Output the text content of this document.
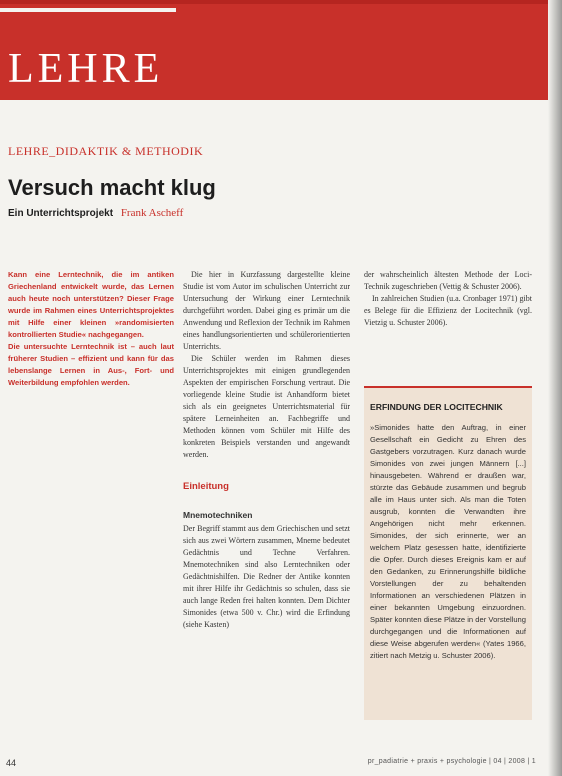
LEHRE
LEHRE_DIDAKTIK & METHODIK
Versuch macht klug
Ein Unterrichtsprojekt Frank Ascheff

Kann eine Lerntechnik, die im antiken Griechenland entwickelt wurde, das Lernen auch heute noch unterstützen? Dieser Frage wurde im Rahmen eines Unterrichtsprojektes mit Hilfe einer kleinen »randomisierten kontrollierten Studie« nachgegangen.

Die untersuchte Lerntechnik ist – auch laut früherer Studien – effizient und kann für das lebenslange Lernen in Aus-, Fort- und Weiterbildung empfohlen werden.

Die hier in Kurzfassung dargestellte kleine Studie ist vom Autor im schulischen Unterricht zur Untersuchung der Wirkung einer Lerntechnik durchgeführt worden. Dabei ging es primär um die Anwendung und Reflexion der Technik im Rahmen eines handlungsorientierten und schülerorientierten Unterrichts.

Die Schüler werden im Rahmen dieses Unterrichtsprojektes mit einigen grundlegenden Aspekten der empirischen Forschung vertraut. Die vorliegende kleine Studie ist Anhandform bietet sich als ein geeignetes Unterrichtsmaterial für spätere Lerneinheiten an. Fachbegriffe und Methoden können vom Schüler mit Hilfe des konkreten Beispiels verstanden und angewandt werden.

Einleitung
Mnemotechniken

Der Begriff stammt aus dem Griechischen und setzt sich aus zwei Wörtern zusammen, Mneme bedeutet Gedächtnis und Techne Verfahren. Mnemotechniken sind also Lerntechniken oder Gedächtnishilfen. Die Redner der Antike konnten mit ihrer Hilfe ihr Gedächtnis so schulen, dass sie auch lange Reden frei halten konnten. Dem Dichter Simonides (etwa 500 v. Chr.) wird die Erfindung (siehe Kasten)

der wahrscheinlich ältesten Methode der Loci-Technik zugeschrieben (Vettig & Schuster 2006).

In zahlreichen Studien (u.a. Cronbager 1971) gibt es Belege für die Effizienz der Locitechnik (vgl. Vietzig u. Schuster 2006).

ERFINDUNG DER LOCITECHNIK
»Simonides hatte den Auftrag, in einer Gesellschaft ein Gedicht zu Ehren des Gastgebers vorzutragen. Kurz danach wurde Simonides von zwei jungen Männern [...] hinausgebeten. Während er draußen war, stürzte das Gebäude zusammen und begrub alle im Haus unter sich. Als man die Toten ausgrub, konnten die Verwandten ihre Angehörigen nicht mehr erkennen. Simonides, der sich erinnerte, wer an welchem Platz gesessen hatte, identifizierte die Opfer. Durch dieses Ereignis kam er auf den Gedanken, zu Erinnerungshilfe bildliche Vorstellungen der zu behaltenden Informationen an verschiedenen Plätzen in einer bekannten Umgebung einzuordnen. Später konnten diese Plätze in der Vorstellung durchgegangen und die Informationen auf diese Weise abgerufen werden« (Yates 1966, zitiert nach Metzig u. Schuster 2006).
44	pr_padiatrie + praxis + psychologie | 04 | 2008 | 1
